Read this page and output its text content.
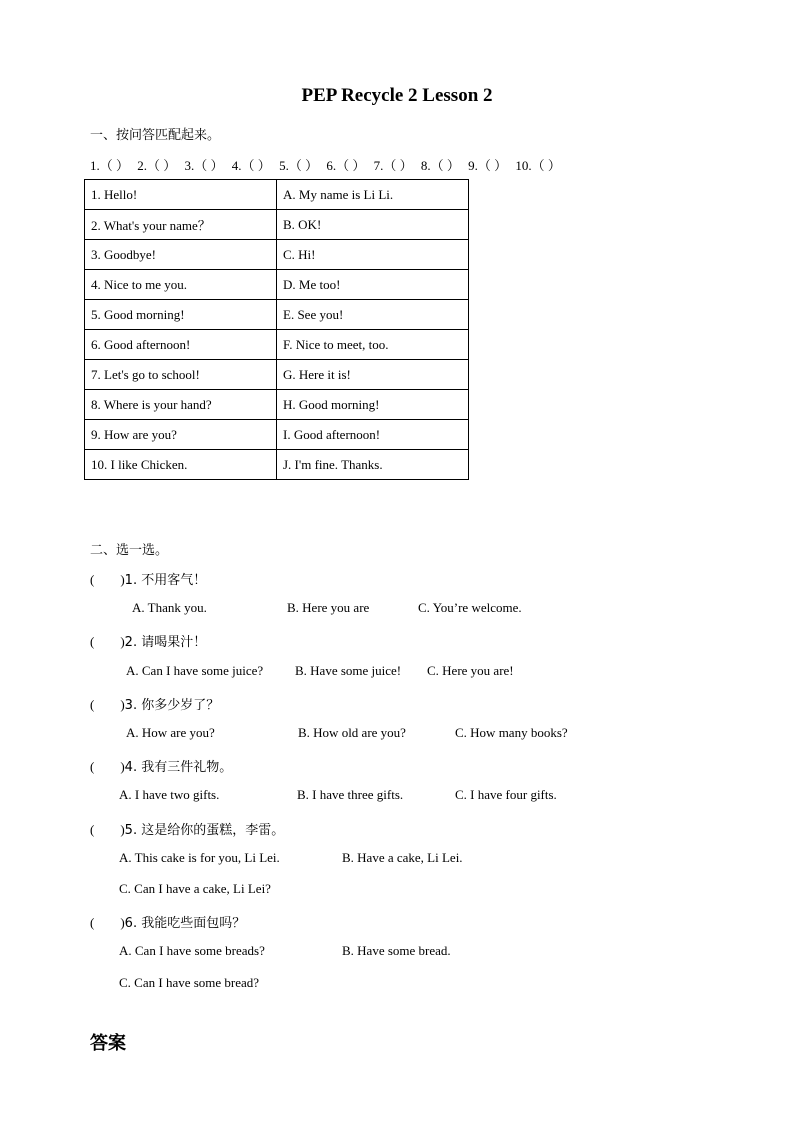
PEP Recycle 2 Lesson 2
一、按问答匹配起来。
1.（ ） 2.（ ） 3.（ ） 4.（ ） 5.（ ） 6.（ ） 7.（ ） 8.（ ） 9.（ ） 10.（ ）
1. Hello!	A. My name is Li Li.
2. What's your name？	B. OK!
3. Goodbye!	C. Hi!
4. Nice to me you.	D. Me too!
5. Good morning!	E. See you!
6. Good afternoon!	F. Nice to meet, too.
7. Let's go to school!	G. Here it is!
8. Where is your hand?	H. Good morning!
9. How are you?	I. Good afternoon!
10. I like Chicken.	J. I'm fine. Thanks.
二、选一选。
(　　)1. 不用客气！
A. Thank you.	B. Here you are	C. You’re welcome.
(　　)2. 请喝果汁！
A. Can I have some juice? B. Have some juice! C. Here you are!
(　　)3. 你多少岁了？
A. How are you?	B. How old are you?	C. How many books?
(　　)4. 我有三件礼物。
A. I have two gifts.	B. I have three gifts.	C. I have four gifts.
(　　)5. 这是给你的蛋糕，李雷。
A. This cake is for you, Li Lei.	B. Have a cake, Li Lei.
C. Can I have a cake, Li Lei?
(　　)6. 我能吃些面包吗？
A. Can I have some breads?	B. Have some bread.
C. Can I have some bread?
答案
